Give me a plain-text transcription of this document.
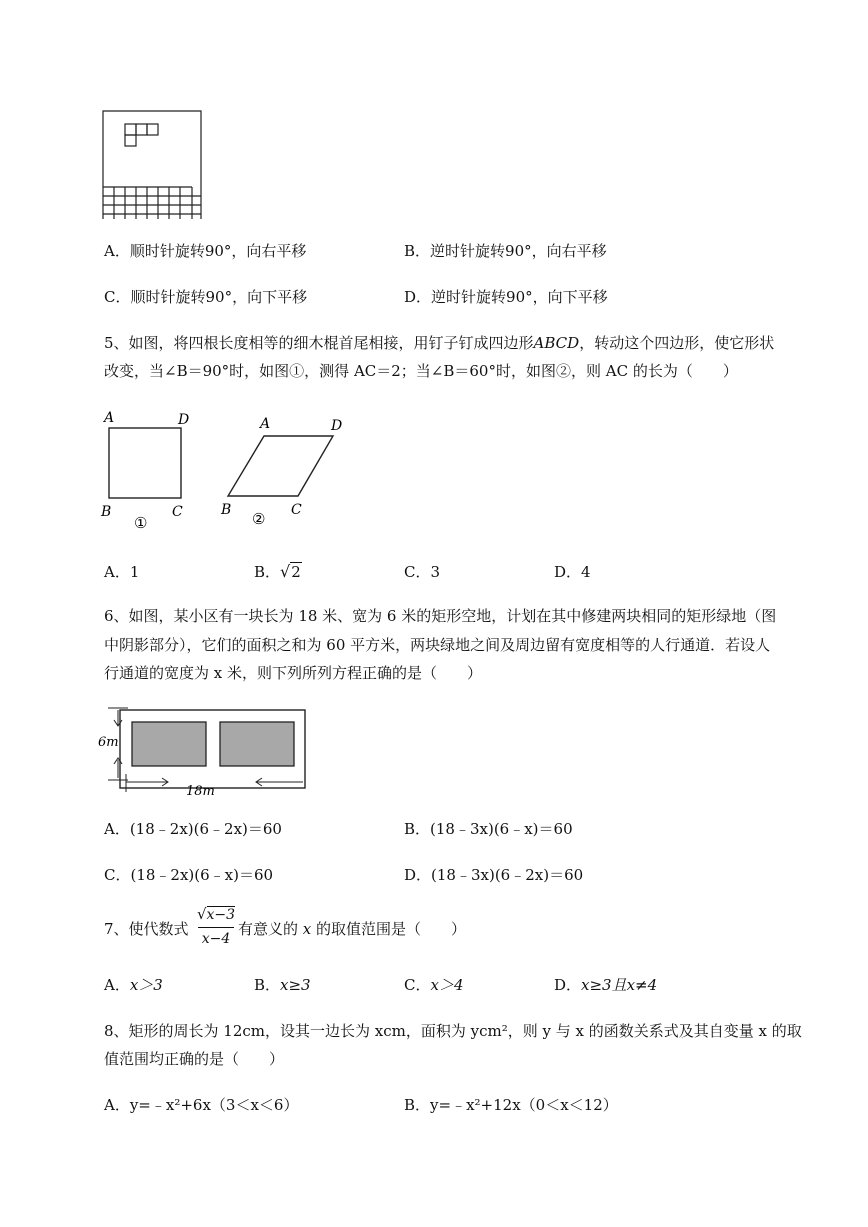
A．顺时针旋转90°，向右平移	B．逆时针旋转90°，向右平移
C．顺时针旋转90°，向下平移	D．逆时针旋转90°，向下平移
5、如图，将四根长度相等的细木棍首尾相接，用钉子钉成四边形ABCD，转动这个四边形，使它形状
改变，当∠B＝90°时，如图①，测得 AC＝2；当∠B＝60°时，如图②，则 AC 的长为（　　）
A	D
B	C
①
A	D
B	C
②
A．1	B．√2	C．3	D．4
6、如图，某小区有一块长为 18 米、宽为 6 米的矩形空地，计划在其中修建两块相同的矩形绿地（图
中阴影部分），它们的面积之和为 60 平方米，两块绿地之间及周边留有宽度相等的人行通道．若设人
行通道的宽度为 x 米，则下列所列方程正确的是（　　）
6m
18m
A．(18﹣2x)(6﹣2x)＝60	B．(18﹣3x)(6﹣x)＝60
C．(18﹣2x)(6﹣x)＝60	D．(18﹣3x)(6﹣2x)＝60
7、使代数式
√x−3
x−4
有意义的 x 的取值范围是（　　）
A．x＞3	B．x≥3	C．x＞4	D．x≥3且x≠4
8、矩形的周长为 12cm，设其一边长为 xcm，面积为 ycm²，则 y 与 x 的函数关系式及其自变量 x 的取
值范围均正确的是（　　）
A．y=﹣x²+6x（3＜x＜6）	B．y=﹣x²+12x（0＜x＜12）
